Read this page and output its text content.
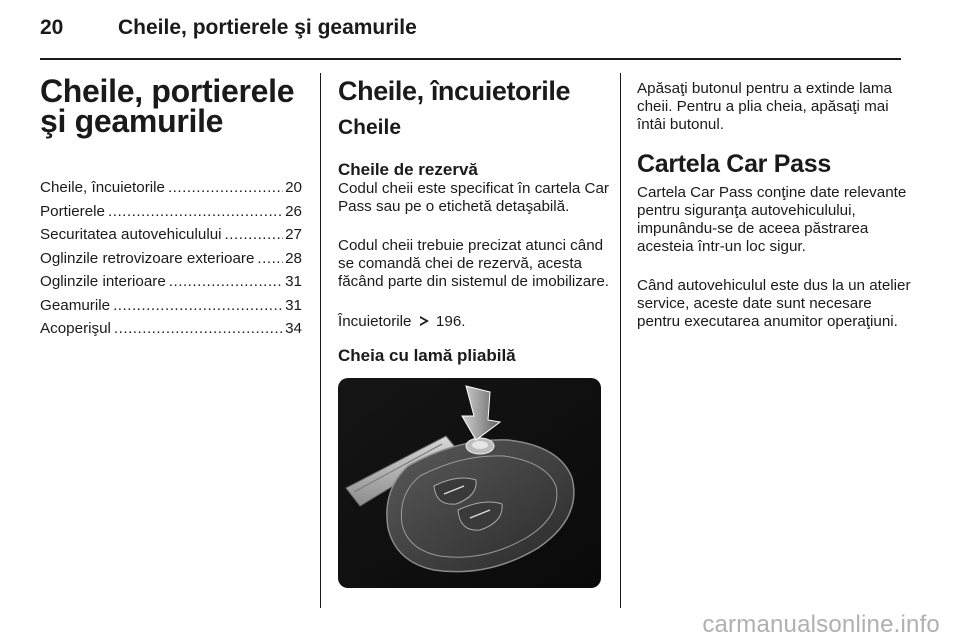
20	Cheile, portierele şi geamurile
Cheile, portierele şi geamurile
Cheile, încuietorile .....	20
Portierele .....	26
Securitatea autovehiculului .....	27
Oglinzile retrovizoare exterioare ..... 28
Oglinzile interioare .....	31
Geamurile .....	31
Acoperişul .....	34
Cheile, încuietorile
Cheile
Cheile de rezervă
Codul cheii este specificat în cartela Car Pass sau pe o etichetă detaşabilă.
Codul cheii trebuie precizat atunci când se comandă chei de rezervă, acesta făcând parte din sistemul de imobilizare.
Încuietorile 196.
Cheia cu lamă pliabilă
Apăsaţi butonul pentru a extinde lama cheii. Pentru a plia cheia, apăsaţi mai întâi butonul.
Cartela Car Pass
Cartela Car Pass conţine date relevante pentru siguranţa autovehiculului, impunându-se de aceea păstrarea acesteia într-un loc sigur.
Când autovehiculul este dus la un atelier service, aceste date sunt necesare pentru executarea anumitor operaţiuni.
carmanualsonline.info
